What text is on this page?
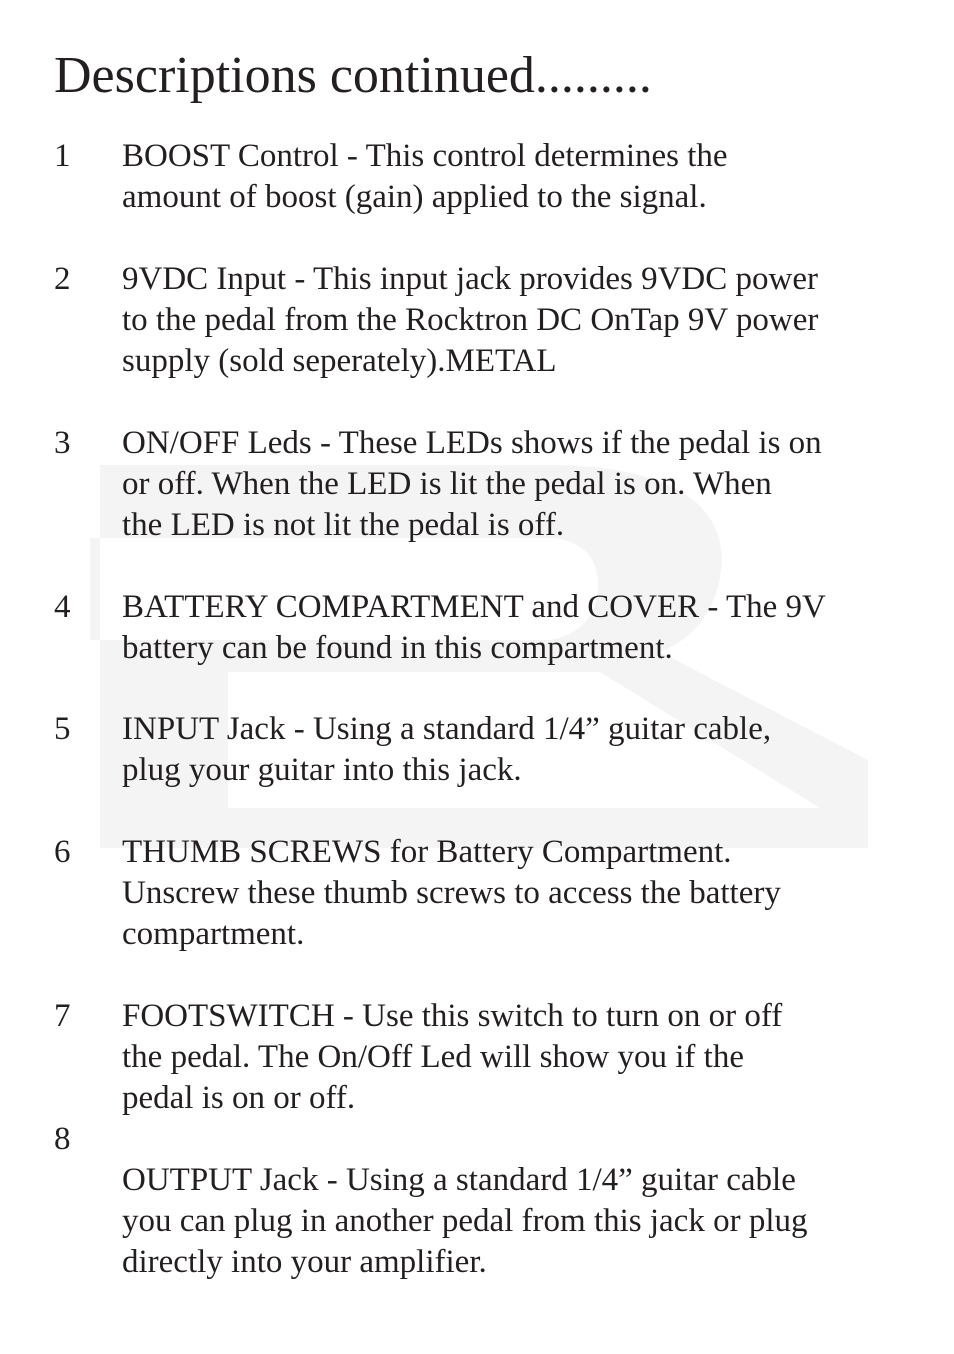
Descriptions continued.........
1 BOOST Control - This control determines the
amount of boost (gain) applied to the signal.

2 9VDC Input - This input jack provides 9VDC power
to the pedal from the Rocktron DC OnTap 9V power
supply (sold seperately).METAL

3 ON/OFF Leds - These LEDs shows if the pedal is on
or off. When the LED is lit the pedal is on. When
the LED is not lit the pedal is off.

4 BATTERY COMPARTMENT and COVER - The 9V
battery can be found in this compartment.

5 INPUT Jack - Using a standard 1/4” guitar cable,
plug your guitar into this jack.

6 THUMB SCREWS for Battery Compartment.
Unscrew these thumb screws to access the battery
compartment.

7 FOOTSWITCH - Use this switch to turn on or off
the pedal. The On/Off Led will show you if the
pedal is on or off.

8

OUTPUT Jack - Using a standard 1/4” guitar cable
you can plug in another pedal from this jack or plug
directly into your amplifier.
